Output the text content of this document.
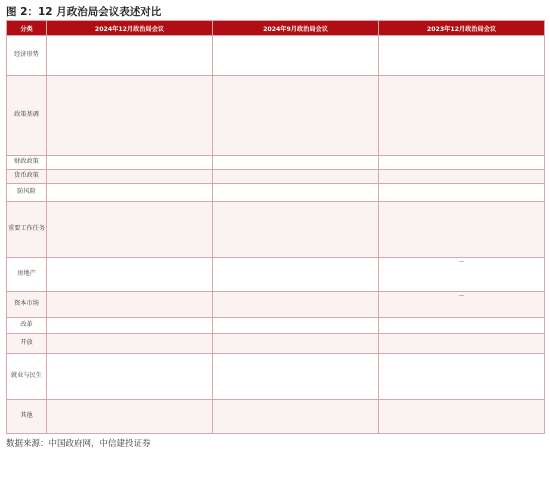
图 2：12 月政治局会议表述对比
分类	2024年12月政治局会议	2024年9月政治局会议	2023年12月政治局会议
经济形势			
政策基调			
财政政策			
货币政策			
防风险			
重要工作任务			
房地产			—

资本市场			—

改革			
开放			
就业与民生			
其他			
数据来源：中国政府网，中信建投证券
